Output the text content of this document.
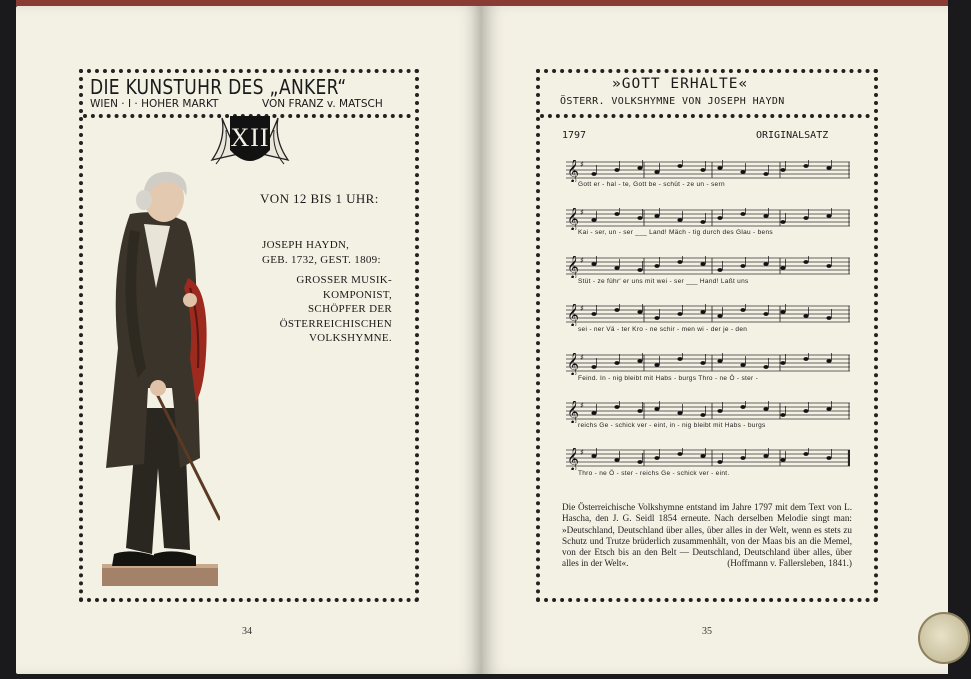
DIE KUNSTUHR DES „ANKER“
WIEN · I · HOHER MARKT	VON FRANZ v. MATSCH
XII
VON 12 BIS 1 UHR:
JOSEPH HAYDN,
GEB. 1732, GEST. 1809:
GROSSER MUSIK-
KOMPONIST,
SCHÖPFER DER
ÖSTERREICHISCHEN
VOLKSHYMNE.
34
»GOTT ERHALTE«
ÖSTERR. VOLKSHYMNE VON JOSEPH HAYDN
1797	ORIGINALSATZ
𝄞 ♯
𝄞 ♯
𝄞 ♯
𝄞 ♯
𝄞 ♯
𝄞 ♯
𝄞 ♯
Gott er - hal - te, Gott be - schüt - ze un - sern
Kai - ser, un - ser ___ Land! Mäch - tig durch des Glau - bens
Stüt - ze führ' er uns mit wei - ser ___ Hand! Laßt uns
sei - ner Vä - ter Kro - ne schir - men wi - der je - den
Feind. In - nig bleibt mit Habs - burgs Thro - ne Ö - ster -
reichs Ge - schick ver - eint, in - nig bleibt mit Habs - burgs
Thro - ne Ö - ster - reichs Ge - schick ver - eint.
Die Österreichische Volkshymne entstand im Jahre 1797 mit dem Text von L. Hascha, den J. G. Seidl 1854 erneute. Nach derselben Melodie singt man: »Deutschland, Deutschland über alles, über alles in der Welt, wenn es stets zu Schutz und Trutze brüderlich zusammenhält, von der Maas bis an die Memel, von der Etsch bis an den Belt — Deutschland, Deutschland über alles, über alles in der Welt«.	(Hoffmann v. Fallersleben, 1841.)
35
